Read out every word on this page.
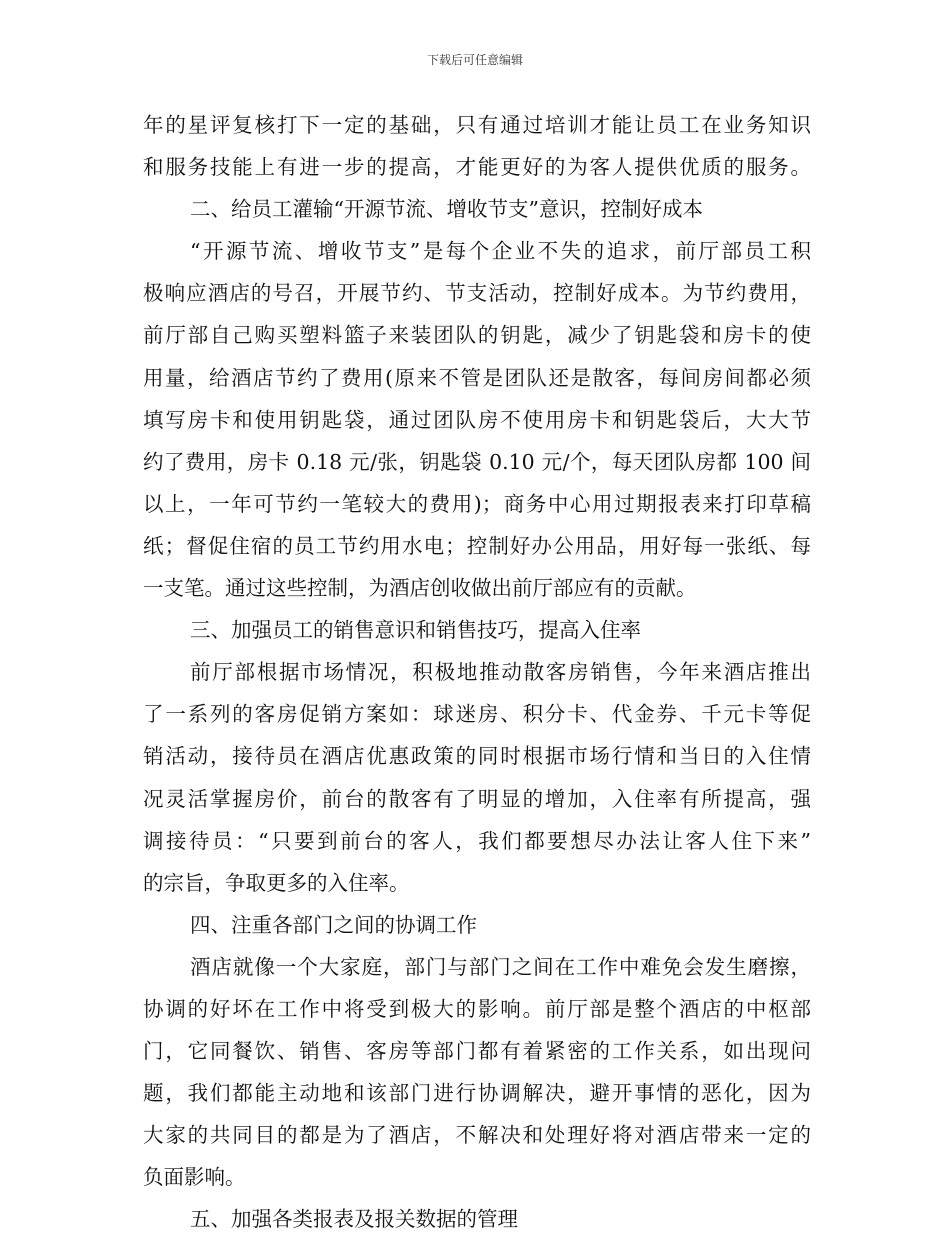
下载后可任意编辑
年的星评复核打下一定的基础，只有通过培训才能让员工在业务知识
和服务技能上有进一步的提高，才能更好的为客人提供优质的服务。
二、给员工灌输“开源节流、增收节支”意识，控制好成本
“开源节流、增收节支”是每个企业不失的追求，前厅部员工积
极响应酒店的号召，开展节约、节支活动，控制好成本。为节约费用，
前厅部自己购买塑料篮子来装团队的钥匙，减少了钥匙袋和房卡的使
用量，给酒店节约了费用(原来不管是团队还是散客，每间房间都必须
填写房卡和使用钥匙袋，通过团队房不使用房卡和钥匙袋后，大大节
约了费用，房卡 0.18 元/张，钥匙袋 0.10 元/个，每天团队房都 100 间
以上，一年可节约一笔较大的费用)；商务中心用过期报表来打印草稿
纸；督促住宿的员工节约用水电；控制好办公用品，用好每一张纸、每
一支笔。通过这些控制，为酒店创收做出前厅部应有的贡献。
三、加强员工的销售意识和销售技巧，提高入住率
前厅部根据市场情况，积极地推动散客房销售，今年来酒店推出
了一系列的客房促销方案如：球迷房、积分卡、代金券、千元卡等促
销活动，接待员在酒店优惠政策的同时根据市场行情和当日的入住情
况灵活掌握房价，前台的散客有了明显的增加，入住率有所提高，强
调接待员：“只要到前台的客人，我们都要想尽办法让客人住下来”
的宗旨，争取更多的入住率。
四、注重各部门之间的协调工作
酒店就像一个大家庭，部门与部门之间在工作中难免会发生磨擦，
协调的好坏在工作中将受到极大的影响。前厅部是整个酒店的中枢部
门，它同餐饮、销售、客房等部门都有着紧密的工作关系，如出现问
题，我们都能主动地和该部门进行协调解决，避开事情的恶化，因为
大家的共同目的都是为了酒店，不解决和处理好将对酒店带来一定的
负面影响。
五、加强各类报表及报关数据的管理
